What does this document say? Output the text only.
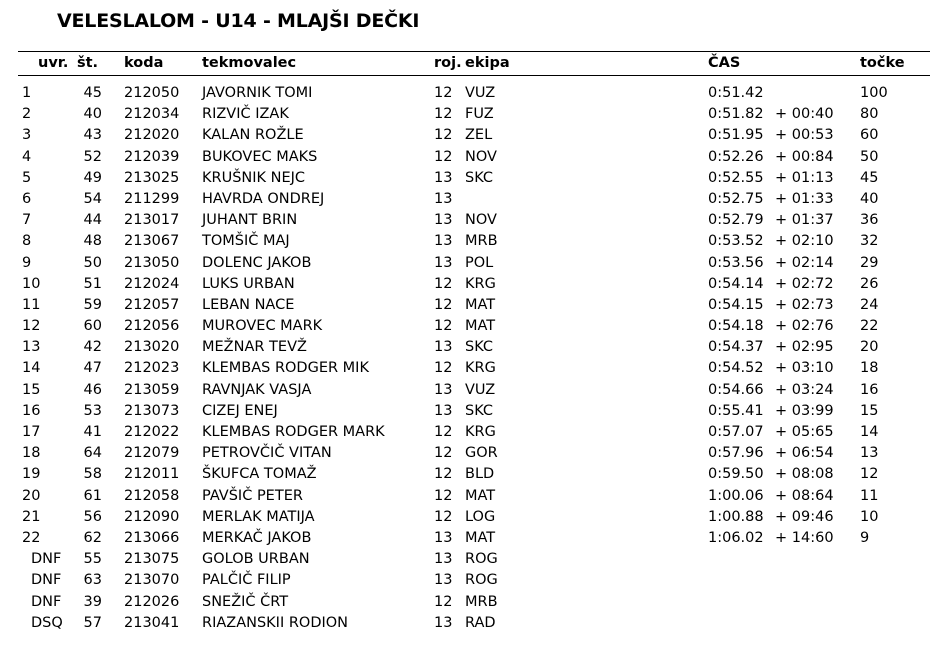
VELESLALOM - U14 - MLAJŠI DEČKI
uvr. št. koda	tekmovalec	roj. ekipa	ČAS	točke
1	45 212050 JAVORNIK TOMI	12 VUZ	0:51.42	100
2	40 212034 RIZVIČ IZAK	12 FUZ	0:51.82 + 00:40 80
3	43 212020 KALAN ROŽLE	12 ZEL	0:51.95 + 00:53 60
4	52 212039 BUKOVEC MAKS	12 NOV	0:52.26 + 00:84 50
5	49 213025 KRUŠNIK NEJC	13 SKC	0:52.55 + 01:13 45
6	54 211299 HAVRDA ONDREJ	13	0:52.75 + 01:33 40
7	44 213017 JUHANT BRIN	13 NOV	0:52.79 + 01:37 36
8	48 213067 TOMŠIČ MAJ	13 MRB	0:53.52 + 02:10 32
9	50 213050 DOLENC JAKOB	13 POL	0:53.56 + 02:14 29
10	51 212024 LUKS URBAN	12 KRG	0:54.14 + 02:72 26
11	59 212057 LEBAN NACE	12 MAT	0:54.15 + 02:73 24
12	60 212056 MUROVEC MARK	12 MAT	0:54.18 + 02:76 22
13	42 213020 MEŽNAR TEVŽ	13 SKC	0:54.37 + 02:95 20
14	47 212023 KLEMBAS RODGER MIK	12 KRG	0:54.52 + 03:10 18
15	46 213059 RAVNJAK VASJA	13 VUZ	0:54.66 + 03:24 16
16	53 213073 CIZEJ ENEJ	13 SKC	0:55.41 + 03:99 15
17	41 212022 KLEMBAS RODGER MARK	12 KRG	0:57.07 + 05:65 14
18	64 212079 PETROVČIČ VITAN	12 GOR	0:57.96 + 06:54 13
19	58 212011 ŠKUFCA TOMAŽ	12 BLD	0:59.50 + 08:08 12
20	61 212058 PAVŠIČ PETER	12 MAT	1:00.06 + 08:64 11
21	56 212090 MERLAK MATIJA	12 LOG	1:00.88 + 09:46 10
22	62 213066 MERKAČ JAKOB	13 MAT	1:06.02 + 14:60 9
DNF	55 213075 GOLOB URBAN	13 ROG
DNF	63 213070 PALČIČ FILIP	13 ROG
DNF	39 212026 SNEŽIČ ČRT	12 MRB
DSQ	57 213041 RIAZANSKII RODION	13 RAD
